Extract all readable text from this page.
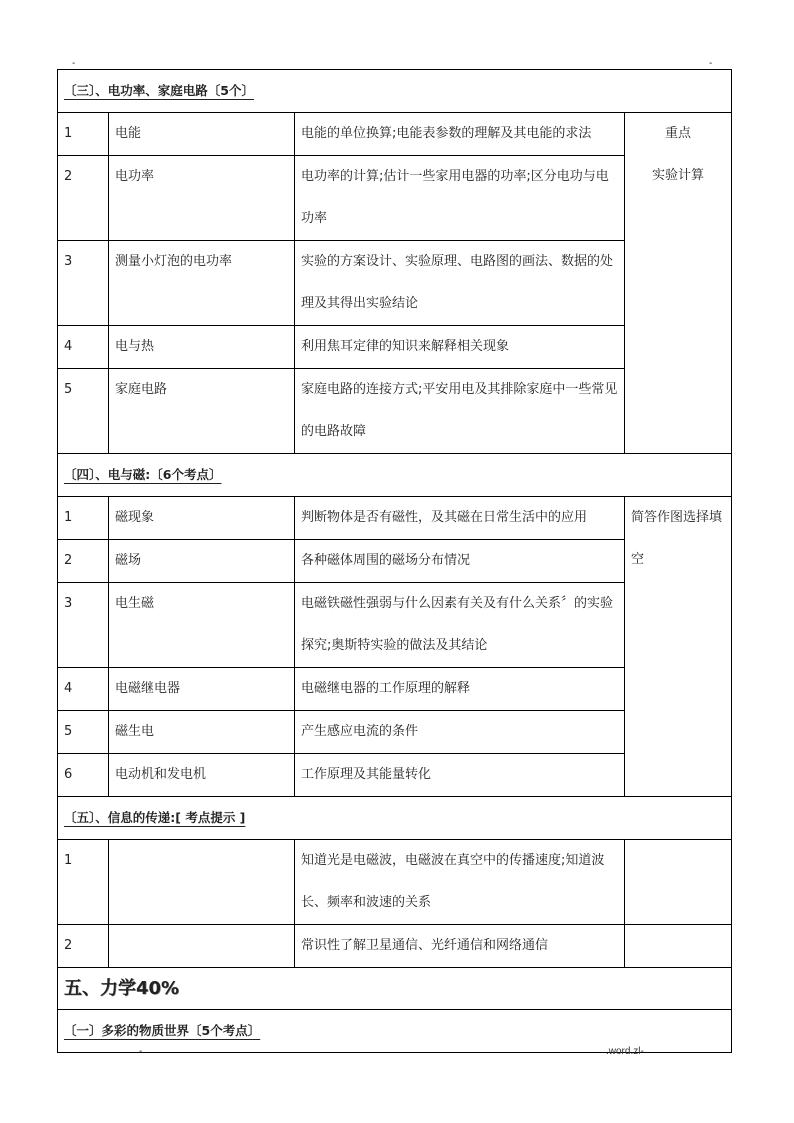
-	-
〔三〕、电功率、家庭电路〔5个〕			
1	电能	电能的单位换算;电能表参数的理解及其电能的求法	重点
实验计算

2	电功率	电功率的计算;估计一些家用电器的功率;区分电功与电功率	
3	测量小灯泡的电功率	实验的方案设计、实验原理、电路图的画法、数据的处理及其得出实验结论	
4	电与热	利用焦耳定律的知识来解释相关现象	
5	家庭电路	家庭电路的连接方式;平安用电及其排除家庭中一些常见的电路故障	
〔四〕、电与磁:〔6个考点〕			
1	磁现象	判断物体是否有磁性，及其磁在日常生活中的应用	简答作图选择填空
2	磁场	各种磁体周围的磁场分布情况	
3	电生磁	电磁铁磁性强弱与什么因素有关及有什么关系〞的实验探究;奥斯特实验的做法及其结论	
4	电磁继电器	电磁继电器的工作原理的解释	
5	磁生电	产生感应电流的条件	
6	电动机和发电机	工作原理及其能量转化	
〔五〕、信息的传递:[ 考点提示 ]			
1		知道光是电磁波，电磁波在真空中的传播速度;知道波长、频率和波速的关系	
2		常识性了解卫星通信、光纤通信和网络通信	
五、力学40%			
〔一〕多彩的物质世界〔5个考点〕			
-	.word.zl-
